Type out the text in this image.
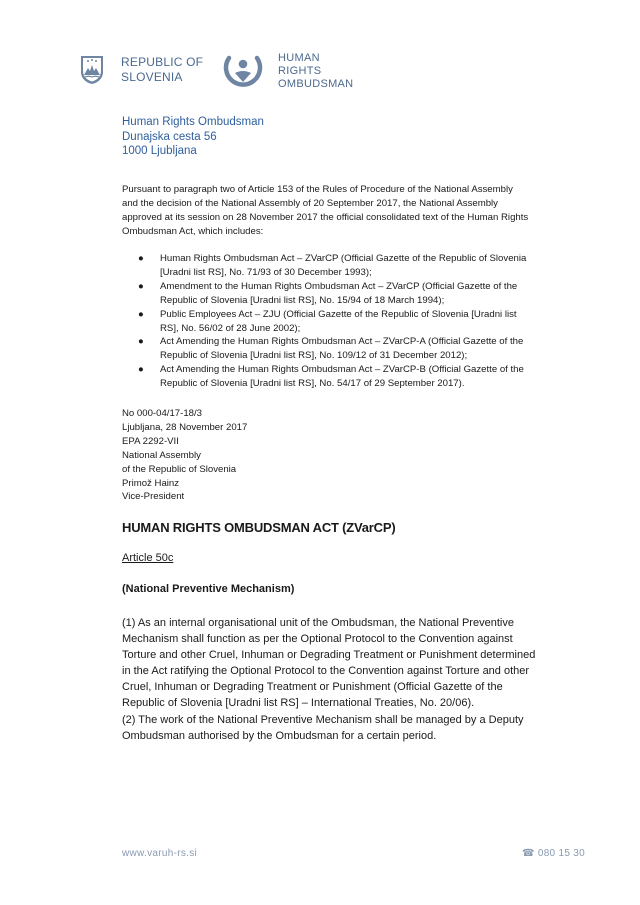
REPUBLIC OF
SLOVENIA
HUMAN
RIGHTS
OMBUDSMAN
Human Rights Ombudsman
Dunajska cesta 56
1000 Ljubljana
Pursuant to paragraph two of Article 153 of the Rules of Procedure of the National Assembly
and the decision of the National Assembly of 20 September 2017, the National Assembly
approved at its session on 28 November 2017 the official consolidated text of the Human Rights
Ombudsman Act, which includes:
● Human Rights Ombudsman Act – ZVarCP (Official Gazette of the Republic of Slovenia
[Uradni list RS], No. 71/93 of 30 December 1993);
● Amendment to the Human Rights Ombudsman Act – ZVarCP (Official Gazette of the
Republic of Slovenia [Uradni list RS], No. 15/94 of 18 March 1994);
● Public Employees Act – ZJU (Official Gazette of the Republic of Slovenia [Uradni list
RS], No. 56/02 of 28 June 2002);
● Act Amending the Human Rights Ombudsman Act – ZVarCP-A (Official Gazette of the
Republic of Slovenia [Uradni list RS], No. 109/12 of 31 December 2012);
● Act Amending the Human Rights Ombudsman Act – ZVarCP-B (Official Gazette of the
Republic of Slovenia [Uradni list RS], No. 54/17 of 29 September 2017).
No 000-04/17-18/3
Ljubljana, 28 November 2017
EPA 2292-VII
National Assembly
of the Republic of Slovenia
Primož Hainz
Vice-President
HUMAN RIGHTS OMBUDSMAN ACT (ZVarCP)
Article 50c
(National Preventive Mechanism)

(1) As an internal organisational unit of the Ombudsman, the National Preventive
Mechanism shall function as per the Optional Protocol to the Convention against
Torture and other Cruel, Inhuman or Degrading Treatment or Punishment determined
in the Act ratifying the Optional Protocol to the Convention against Torture and other
Cruel, Inhuman or Degrading Treatment or Punishment (Official Gazette of the
Republic of Slovenia [Uradni list RS] – International Treaties, No. 20/06).

(2) The work of the National Preventive Mechanism shall be managed by a Deputy
Ombudsman authorised by the Ombudsman for a certain period.

www.varuh-rs.si	☎ 080 15 30
